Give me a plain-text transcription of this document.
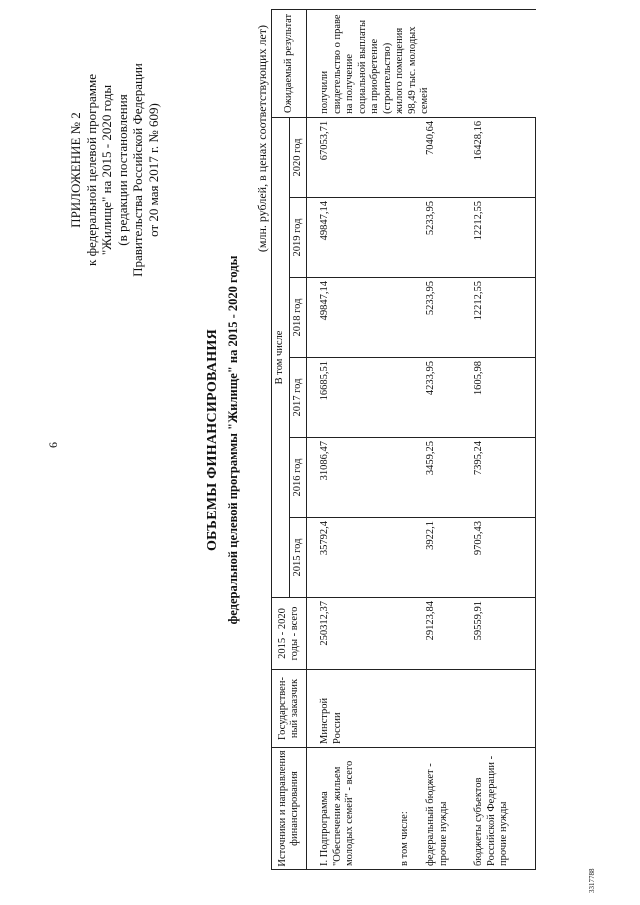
6
3317788
ПРИЛОЖЕНИЕ № 2 к федеральной целевой программе "Жилище" на 2015 - 2020 годы (в редакции постановления Правительства Российской Федерации от 20 мая 2017 г. № 609)
ОБЪЕМЫ ФИНАНСИРОВАНИЯ федеральной целевой программы "Жилище" на 2015 - 2020 годы
(млн. рублей, в ценах соответствующих лет)
Источники и направления финансирования	Государствен-ный заказчик	2015 - 2020 годы - всего	В том числе						Ожидаемый результат
			2015 год	2016 год	2017 год	2018 год	2019 год	2020 год	
I. Подпрограмма "Обеспечение жильем молодых семей" - всего	Минстрой России	250312,37	35792,4	31086,47	16685,51	49847,14	49847,14	67053,71	получили свидетельство о праве на получение социальной выплаты на приобретение (строительство) жилого помещения 98,49 тыс. молодых семей
в том числе:									
федеральный бюджет - прочие нужды		29123,84	3922,1	3459,25	4233,95	5233,95	5233,95	7040,64	
бюджеты субъектов Российской Федерации - прочие нужды		59559,91	9705,43	7395,24	1605,98	12212,55	12212,55	16428,16	
